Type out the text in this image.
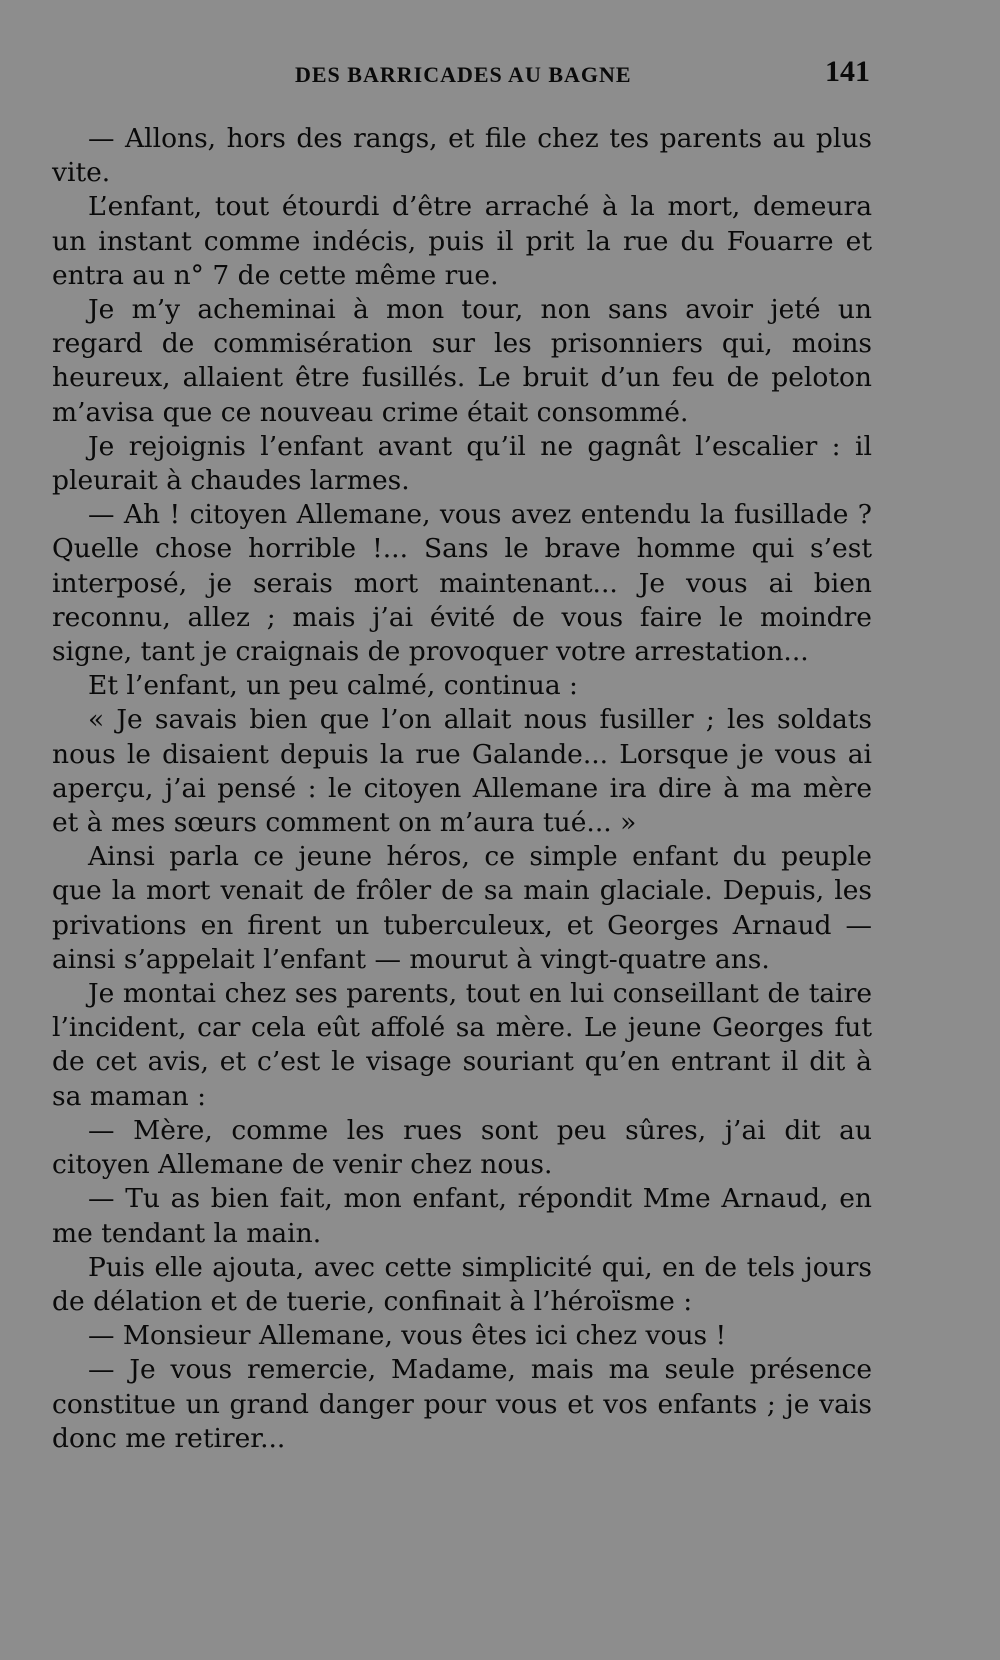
DES BARRICADES AU BAGNE	141

— Allons, hors des rangs, et file chez tes parents au plus vite.

L’enfant, tout étourdi d’être arraché à la mort, demeura un instant comme indécis, puis il prit la rue du Fouarre et entra au n° 7 de cette même rue.

Je m’y acheminai à mon tour, non sans avoir jeté un regard de commisération sur les prisonniers qui, moins heureux, allaient être fusillés. Le bruit d’un feu de peloton m’avisa que ce nouveau crime était consommé.

Je rejoignis l’enfant avant qu’il ne gagnât l’escalier : il pleurait à chaudes larmes.

— Ah ! citoyen Allemane, vous avez entendu la fusillade ? Quelle chose horrible !... Sans le brave homme qui s’est interposé, je serais mort maintenant... Je vous ai bien reconnu, allez ; mais j’ai évité de vous faire le moindre signe, tant je craignais de provoquer votre arrestation...

Et l’enfant, un peu calmé, continua :

« Je savais bien que l’on allait nous fusiller ; les soldats nous le disaient depuis la rue Galande... Lorsque je vous ai aperçu, j’ai pensé : le citoyen Allemane ira dire à ma mère et à mes sœurs comment on m’aura tué... »

Ainsi parla ce jeune héros, ce simple enfant du peuple que la mort venait de frôler de sa main glaciale. Depuis, les privations en firent un tuberculeux, et Georges Arnaud — ainsi s’appelait l’enfant — mourut à vingt-quatre ans.

Je montai chez ses parents, tout en lui conseillant de taire l’incident, car cela eût affolé sa mère. Le jeune Georges fut de cet avis, et c’est le visage souriant qu’en entrant il dit à sa maman :

— Mère, comme les rues sont peu sûres, j’ai dit au citoyen Allemane de venir chez nous.

— Tu as bien fait, mon enfant, répondit Mme Arnaud, en me tendant la main.

Puis elle ajouta, avec cette simplicité qui, en de tels jours de délation et de tuerie, confinait à l’héroïsme :

— Monsieur Allemane, vous êtes ici chez vous !

— Je vous remercie, Madame, mais ma seule présence constitue un grand danger pour vous et vos enfants ; je vais donc me retirer...
